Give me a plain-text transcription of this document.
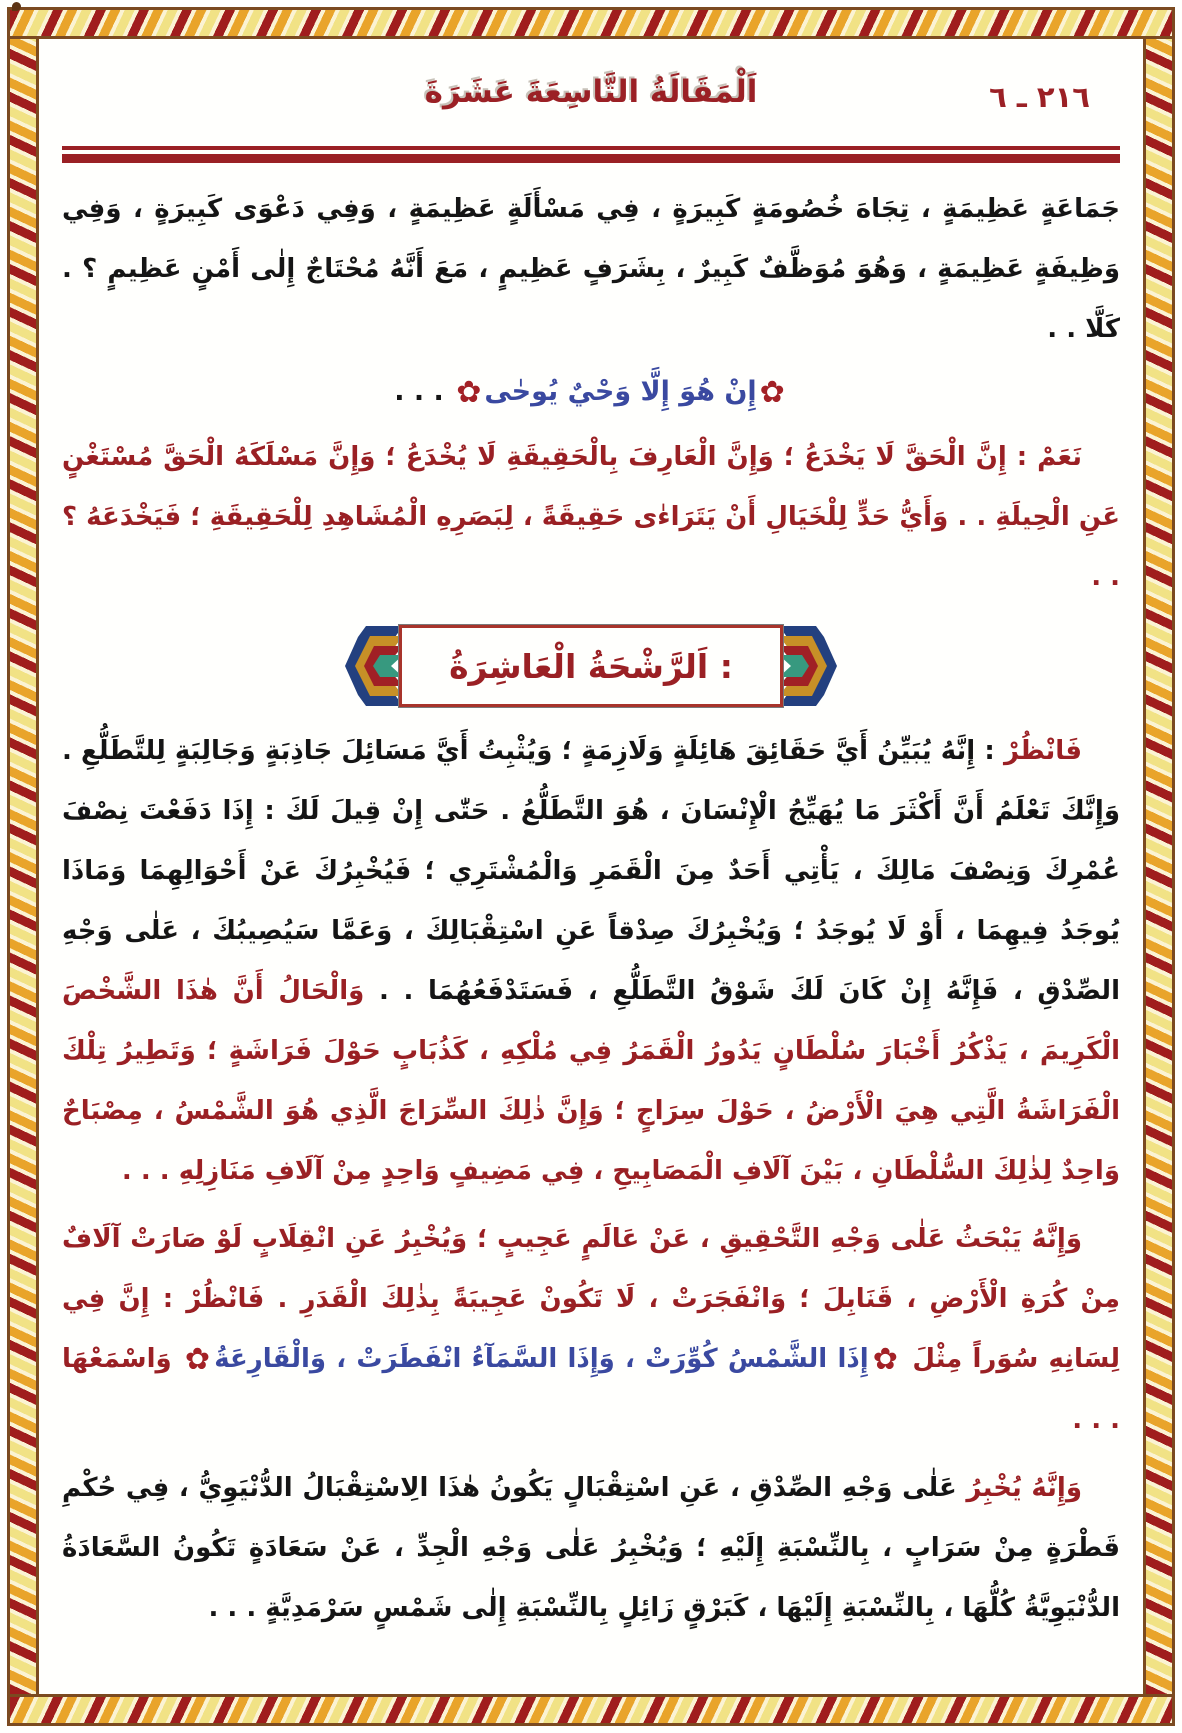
اَلْمَقَالَةُ التَّاسِعَةَ عَشَرَةَ	٢١٦ ـ ٦

جَمَاعَةٍ عَظِيمَةٍ ، تِجَاهَ خُصُومَةٍ كَبِيرَةٍ ، فِي مَسْأَلَةٍ عَظِيمَةٍ ، وَفِي دَعْوَى كَبِيرَةٍ ، وَفِي وَظِيفَةٍ عَظِيمَةٍ ، وَهُوَ مُوَظَّفٌ كَبِيرٌ ، بِشَرَفٍ عَظِيمٍ ، مَعَ أَنَّهُ مُحْتَاجٌ إِلٰى أَمْنٍ عَظِيمٍ ؟ . كَلَّا . .

✿إِنْ هُوَ إِلَّا وَحْيٌ يُوحٰى✿ . . .

نَعَمْ : إِنَّ الْحَقَّ لَا يَخْدَعُ ؛ وَإِنَّ الْعَارِفَ بِالْحَقِيقَةِ لَا يُخْدَعُ ؛ وَإِنَّ مَسْلَكَهُ الْحَقَّ مُسْتَغْنٍ عَنِ الْحِيلَةِ . . وَأَيُّ حَدٍّ لِلْخَيَالِ أَنْ يَتَرَاءٰى حَقِيقَةً ، لِبَصَرِهِ الْمُشَاهِدِ لِلْحَقِيقَةِ ؛ فَيَخْدَعَهُ ؟ . .

اَلرَّشْحَةُ الْعَاشِرَةُ :

فَانْظُرْ : إِنَّهُ يُبَيِّنُ أَيَّ حَقَائِقَ هَائِلَةٍ وَلَازِمَةٍ ؛ وَيُثْبِتُ أَيَّ مَسَائِلَ جَاذِبَةٍ وَجَالِبَةٍ لِلتَّطَلُّعِ . وَإِنَّكَ تَعْلَمُ أَنَّ أَكْثَرَ مَا يُهَيِّجُ الْإِنْسَانَ ، هُوَ التَّطَلُّعُ . حَتّٰى إِنْ قِيلَ لَكَ : إِذَا دَفَعْتَ نِصْفَ عُمْرِكَ وَنِصْفَ مَالِكَ ، يَأْتِي أَحَدٌ مِنَ الْقَمَرِ وَالْمُشْتَرِي ؛ فَيُخْبِرُكَ عَنْ أَحْوَالِهِمَا وَمَاذَا يُوجَدُ فِيهِمَا ، أَوْ لَا يُوجَدُ ؛ وَيُخْبِرُكَ صِدْقاً عَنِ اسْتِقْبَالِكَ ، وَعَمَّا سَيُصِيبُكَ ، عَلٰى وَجْهِ الصِّدْقِ ، فَإِنَّهُ إِنْ كَانَ لَكَ شَوْقُ التَّطَلُّعِ ، فَسَتَدْفَعُهُمَا . . وَالْحَالُ أَنَّ هٰذَا الشَّخْصَ الْكَرِيمَ ، يَذْكُرُ أَخْبَارَ سُلْطَانٍ يَدُورُ الْقَمَرُ فِي مُلْكِهِ ، كَذُبَابٍ حَوْلَ فَرَاشَةٍ ؛ وَتَطِيرُ تِلْكَ الْفَرَاشَةُ الَّتِي هِيَ الْأَرْضُ ، حَوْلَ سِرَاجٍ ؛ وَإِنَّ ذٰلِكَ السِّرَاجَ الَّذِي هُوَ الشَّمْسُ ، مِصْبَاحٌ وَاحِدٌ لِذٰلِكَ السُّلْطَانِ ، بَيْنَ آلَافِ الْمَصَابِيحِ ، فِي مَضِيفٍ وَاحِدٍ مِنْ آلَافِ مَنَازِلِهِ . . .

وَإِنَّهُ يَبْحَثُ عَلٰى وَجْهِ التَّحْقِيقِ ، عَنْ عَالَمٍ عَجِيبٍ ؛ وَيُخْبِرُ عَنِ انْقِلَابٍ لَوْ صَارَتْ آلَافٌ مِنْ كُرَةِ الْأَرْضِ ، قَنَابِلَ ؛ وَانْفَجَرَتْ ، لَا تَكُونْ عَجِيبَةً بِذٰلِكَ الْقَدَرِ . فَانْظُرْ : إِنَّ فِي لِسَانِهِ سُوَراً مِثْلَ ✿إِذَا الشَّمْسُ كُوِّرَتْ ، وَإِذَا السَّمَآءُ انْفَطَرَتْ ، وَالْقَارِعَةُ✿ وَاسْمَعْهَا . . .

وَإِنَّهُ يُخْبِرُ عَلٰى وَجْهِ الصِّدْقِ ، عَنِ اسْتِقْبَالٍ يَكُونُ هٰذَا الِاسْتِقْبَالُ الدُّنْيَوِيُّ ، فِي حُكْمِ قَطْرَةٍ مِنْ سَرَابٍ ، بِالنِّسْبَةِ إِلَيْهِ ؛ وَيُخْبِرُ عَلٰى وَجْهِ الْجِدِّ ، عَنْ سَعَادَةٍ تَكُونُ السَّعَادَةُ الدُّنْيَوِيَّةُ كُلُّهَا ، بِالنِّسْبَةِ إِلَيْهَا ، كَبَرْقٍ زَائِلٍ بِالنِّسْبَةِ إِلٰى شَمْسٍ سَرْمَدِيَّةٍ . . .
